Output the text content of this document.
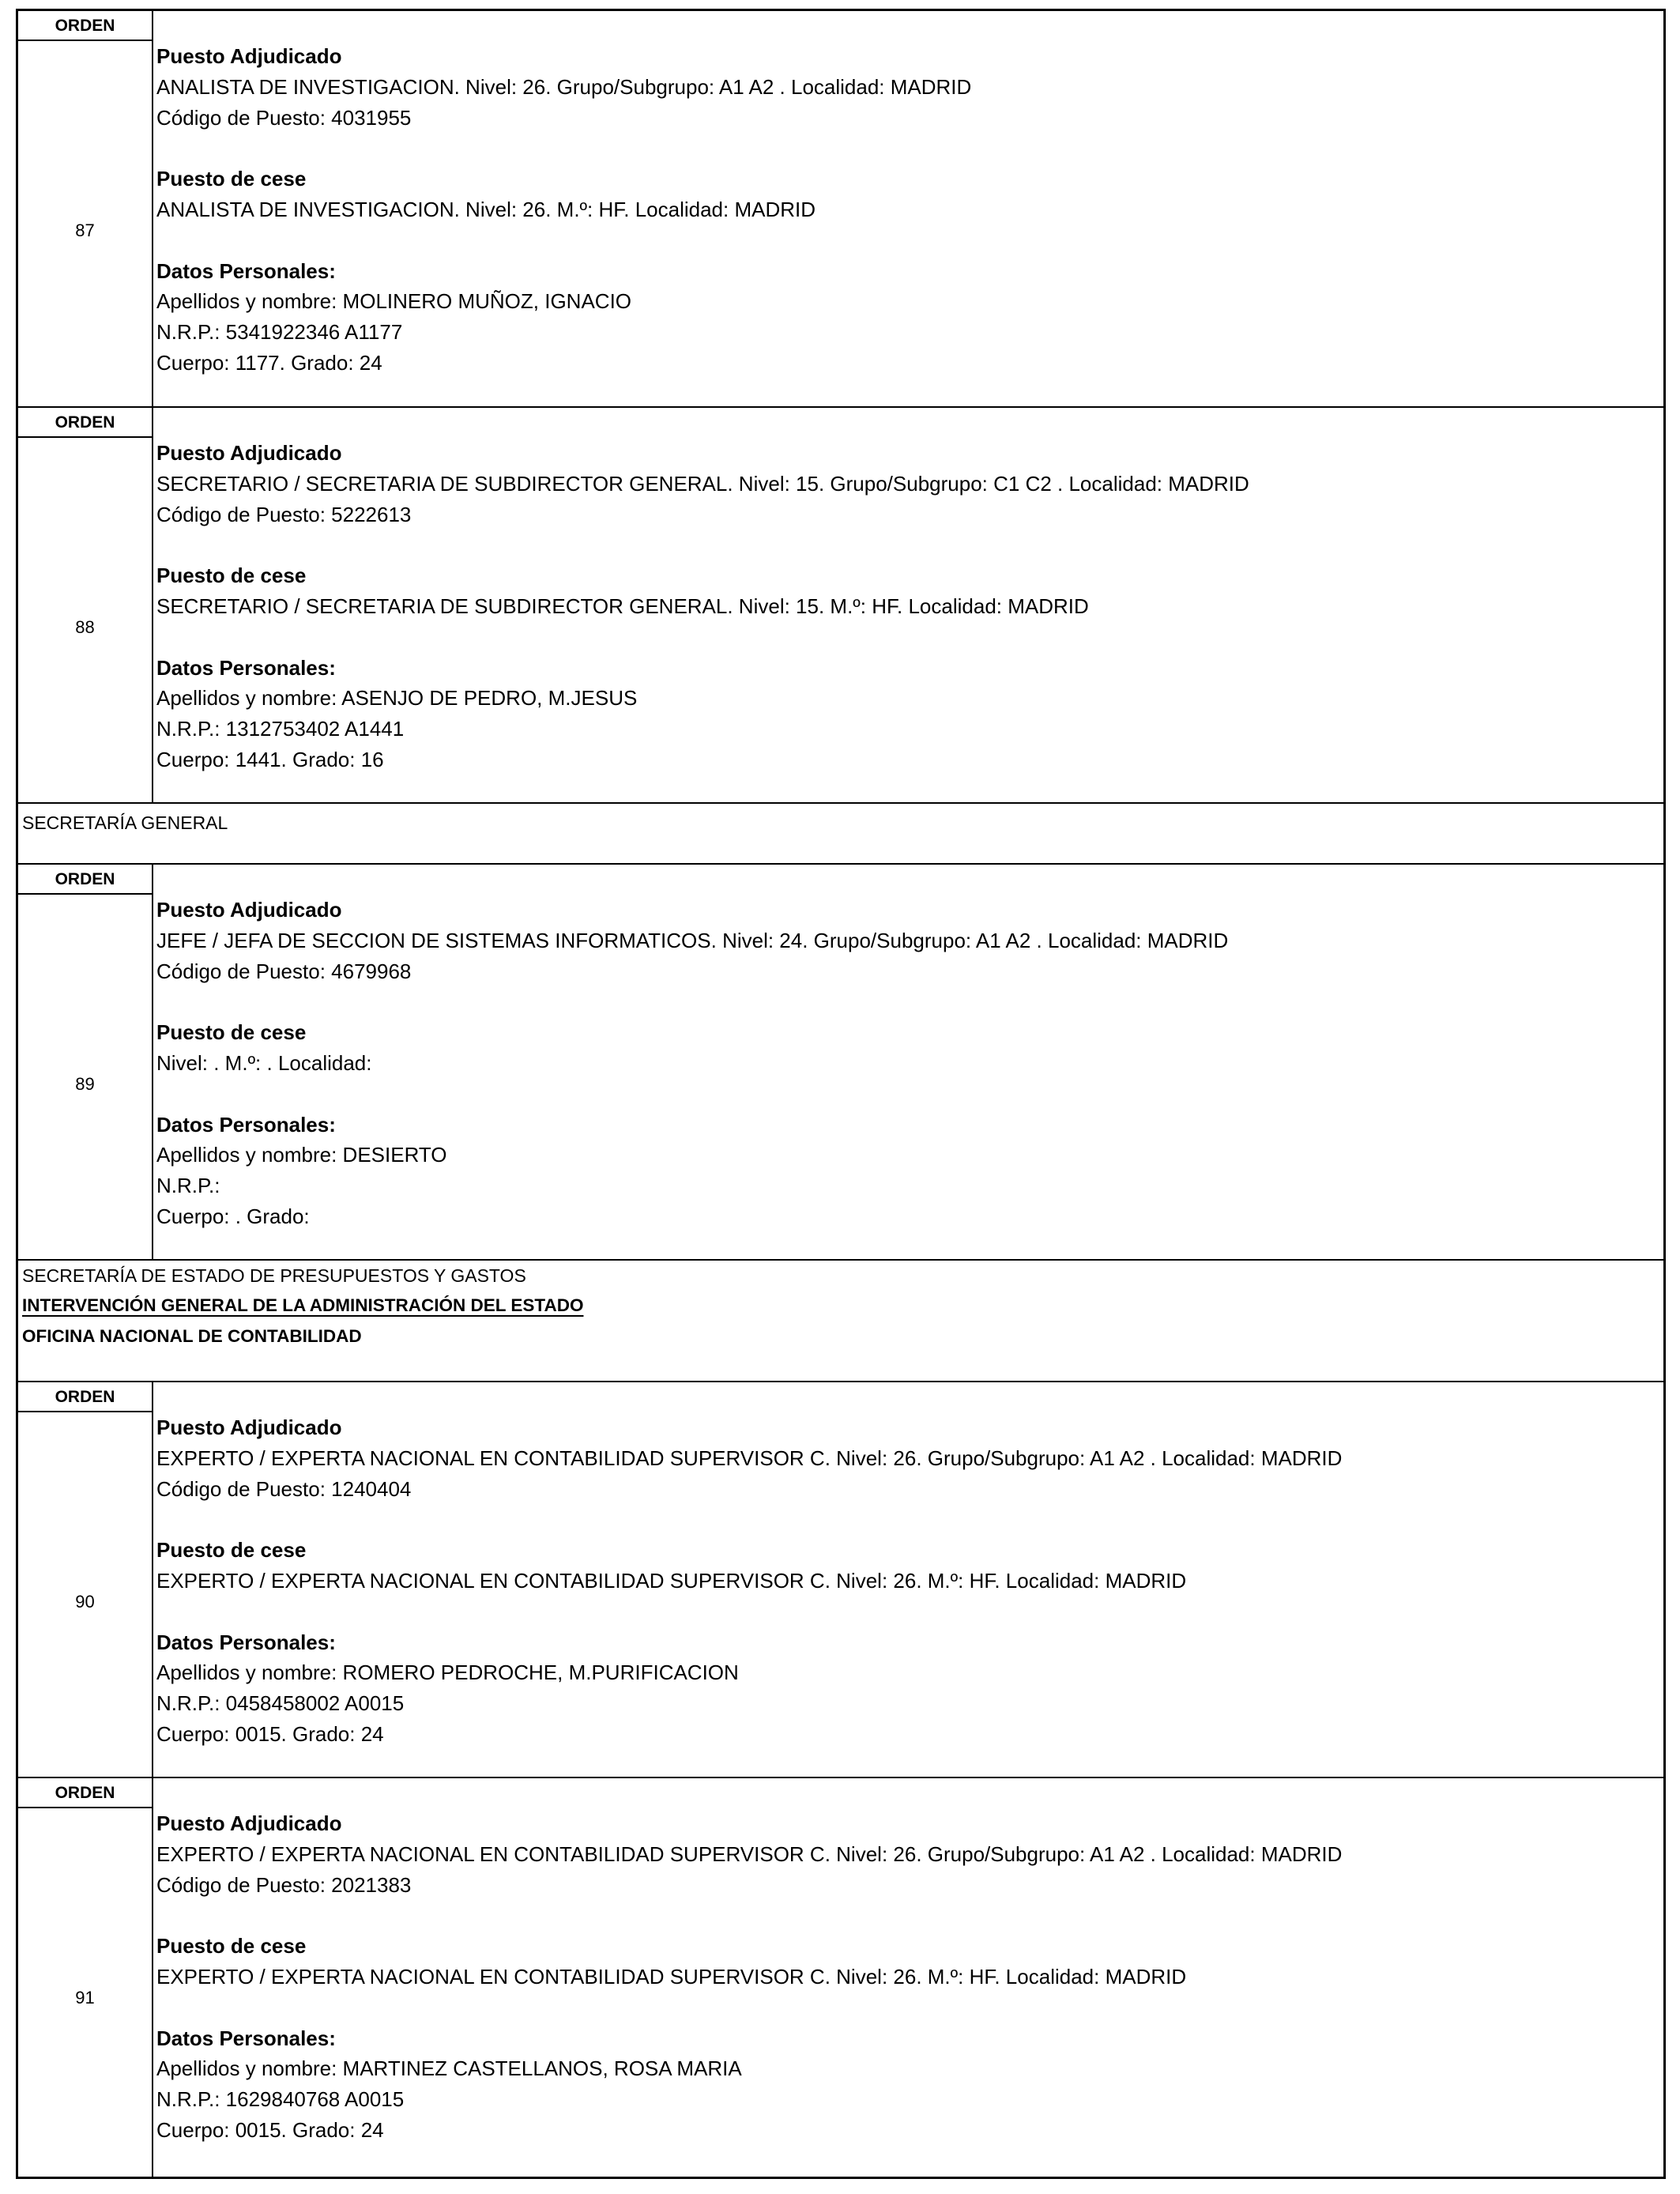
ORDEN
87
Puesto Adjudicado
ANALISTA DE INVESTIGACION. Nivel: 26. Grupo/Subgrupo: A1 A2 . Localidad: MADRID
Código de Puesto: 4031955
Puesto de cese
ANALISTA DE INVESTIGACION. Nivel: 26. M.º: HF. Localidad: MADRID
Datos Personales:
Apellidos y nombre: MOLINERO MUÑOZ, IGNACIO
N.R.P.: 5341922346 A1177
Cuerpo: 1177. Grado: 24
ORDEN
88
Puesto Adjudicado
SECRETARIO / SECRETARIA DE SUBDIRECTOR GENERAL. Nivel: 15. Grupo/Subgrupo: C1 C2 . Localidad: MADRID
Código de Puesto: 5222613
Puesto de cese
SECRETARIO / SECRETARIA DE SUBDIRECTOR GENERAL. Nivel: 15. M.º: HF. Localidad: MADRID
Datos Personales:
Apellidos y nombre: ASENJO DE PEDRO, M.JESUS
N.R.P.: 1312753402 A1441
Cuerpo: 1441. Grado: 16
SECRETARÍA GENERAL
ORDEN
89
Puesto Adjudicado
JEFE / JEFA DE SECCION DE SISTEMAS INFORMATICOS. Nivel: 24. Grupo/Subgrupo: A1 A2 . Localidad: MADRID
Código de Puesto: 4679968
Puesto de cese
Nivel: . M.º: . Localidad:
Datos Personales:
Apellidos y nombre: DESIERTO
N.R.P.:
Cuerpo: . Grado:
SECRETARÍA DE ESTADO DE PRESUPUESTOS Y GASTOS
INTERVENCIÓN GENERAL DE LA ADMINISTRACIÓN DEL ESTADO
OFICINA NACIONAL DE CONTABILIDAD
ORDEN
90
Puesto Adjudicado
EXPERTO / EXPERTA NACIONAL EN CONTABILIDAD SUPERVISOR C. Nivel: 26. Grupo/Subgrupo: A1 A2 . Localidad: MADRID
Código de Puesto: 1240404
Puesto de cese
EXPERTO / EXPERTA NACIONAL EN CONTABILIDAD SUPERVISOR C. Nivel: 26. M.º: HF. Localidad: MADRID
Datos Personales:
Apellidos y nombre: ROMERO PEDROCHE, M.PURIFICACION
N.R.P.: 0458458002 A0015
Cuerpo: 0015. Grado: 24
ORDEN
91
Puesto Adjudicado
EXPERTO / EXPERTA NACIONAL EN CONTABILIDAD SUPERVISOR C. Nivel: 26. Grupo/Subgrupo: A1 A2 . Localidad: MADRID
Código de Puesto: 2021383
Puesto de cese
EXPERTO / EXPERTA NACIONAL EN CONTABILIDAD SUPERVISOR C. Nivel: 26. M.º: HF. Localidad: MADRID
Datos Personales:
Apellidos y nombre: MARTINEZ CASTELLANOS, ROSA MARIA
N.R.P.: 1629840768 A0015
Cuerpo: 0015. Grado: 24
